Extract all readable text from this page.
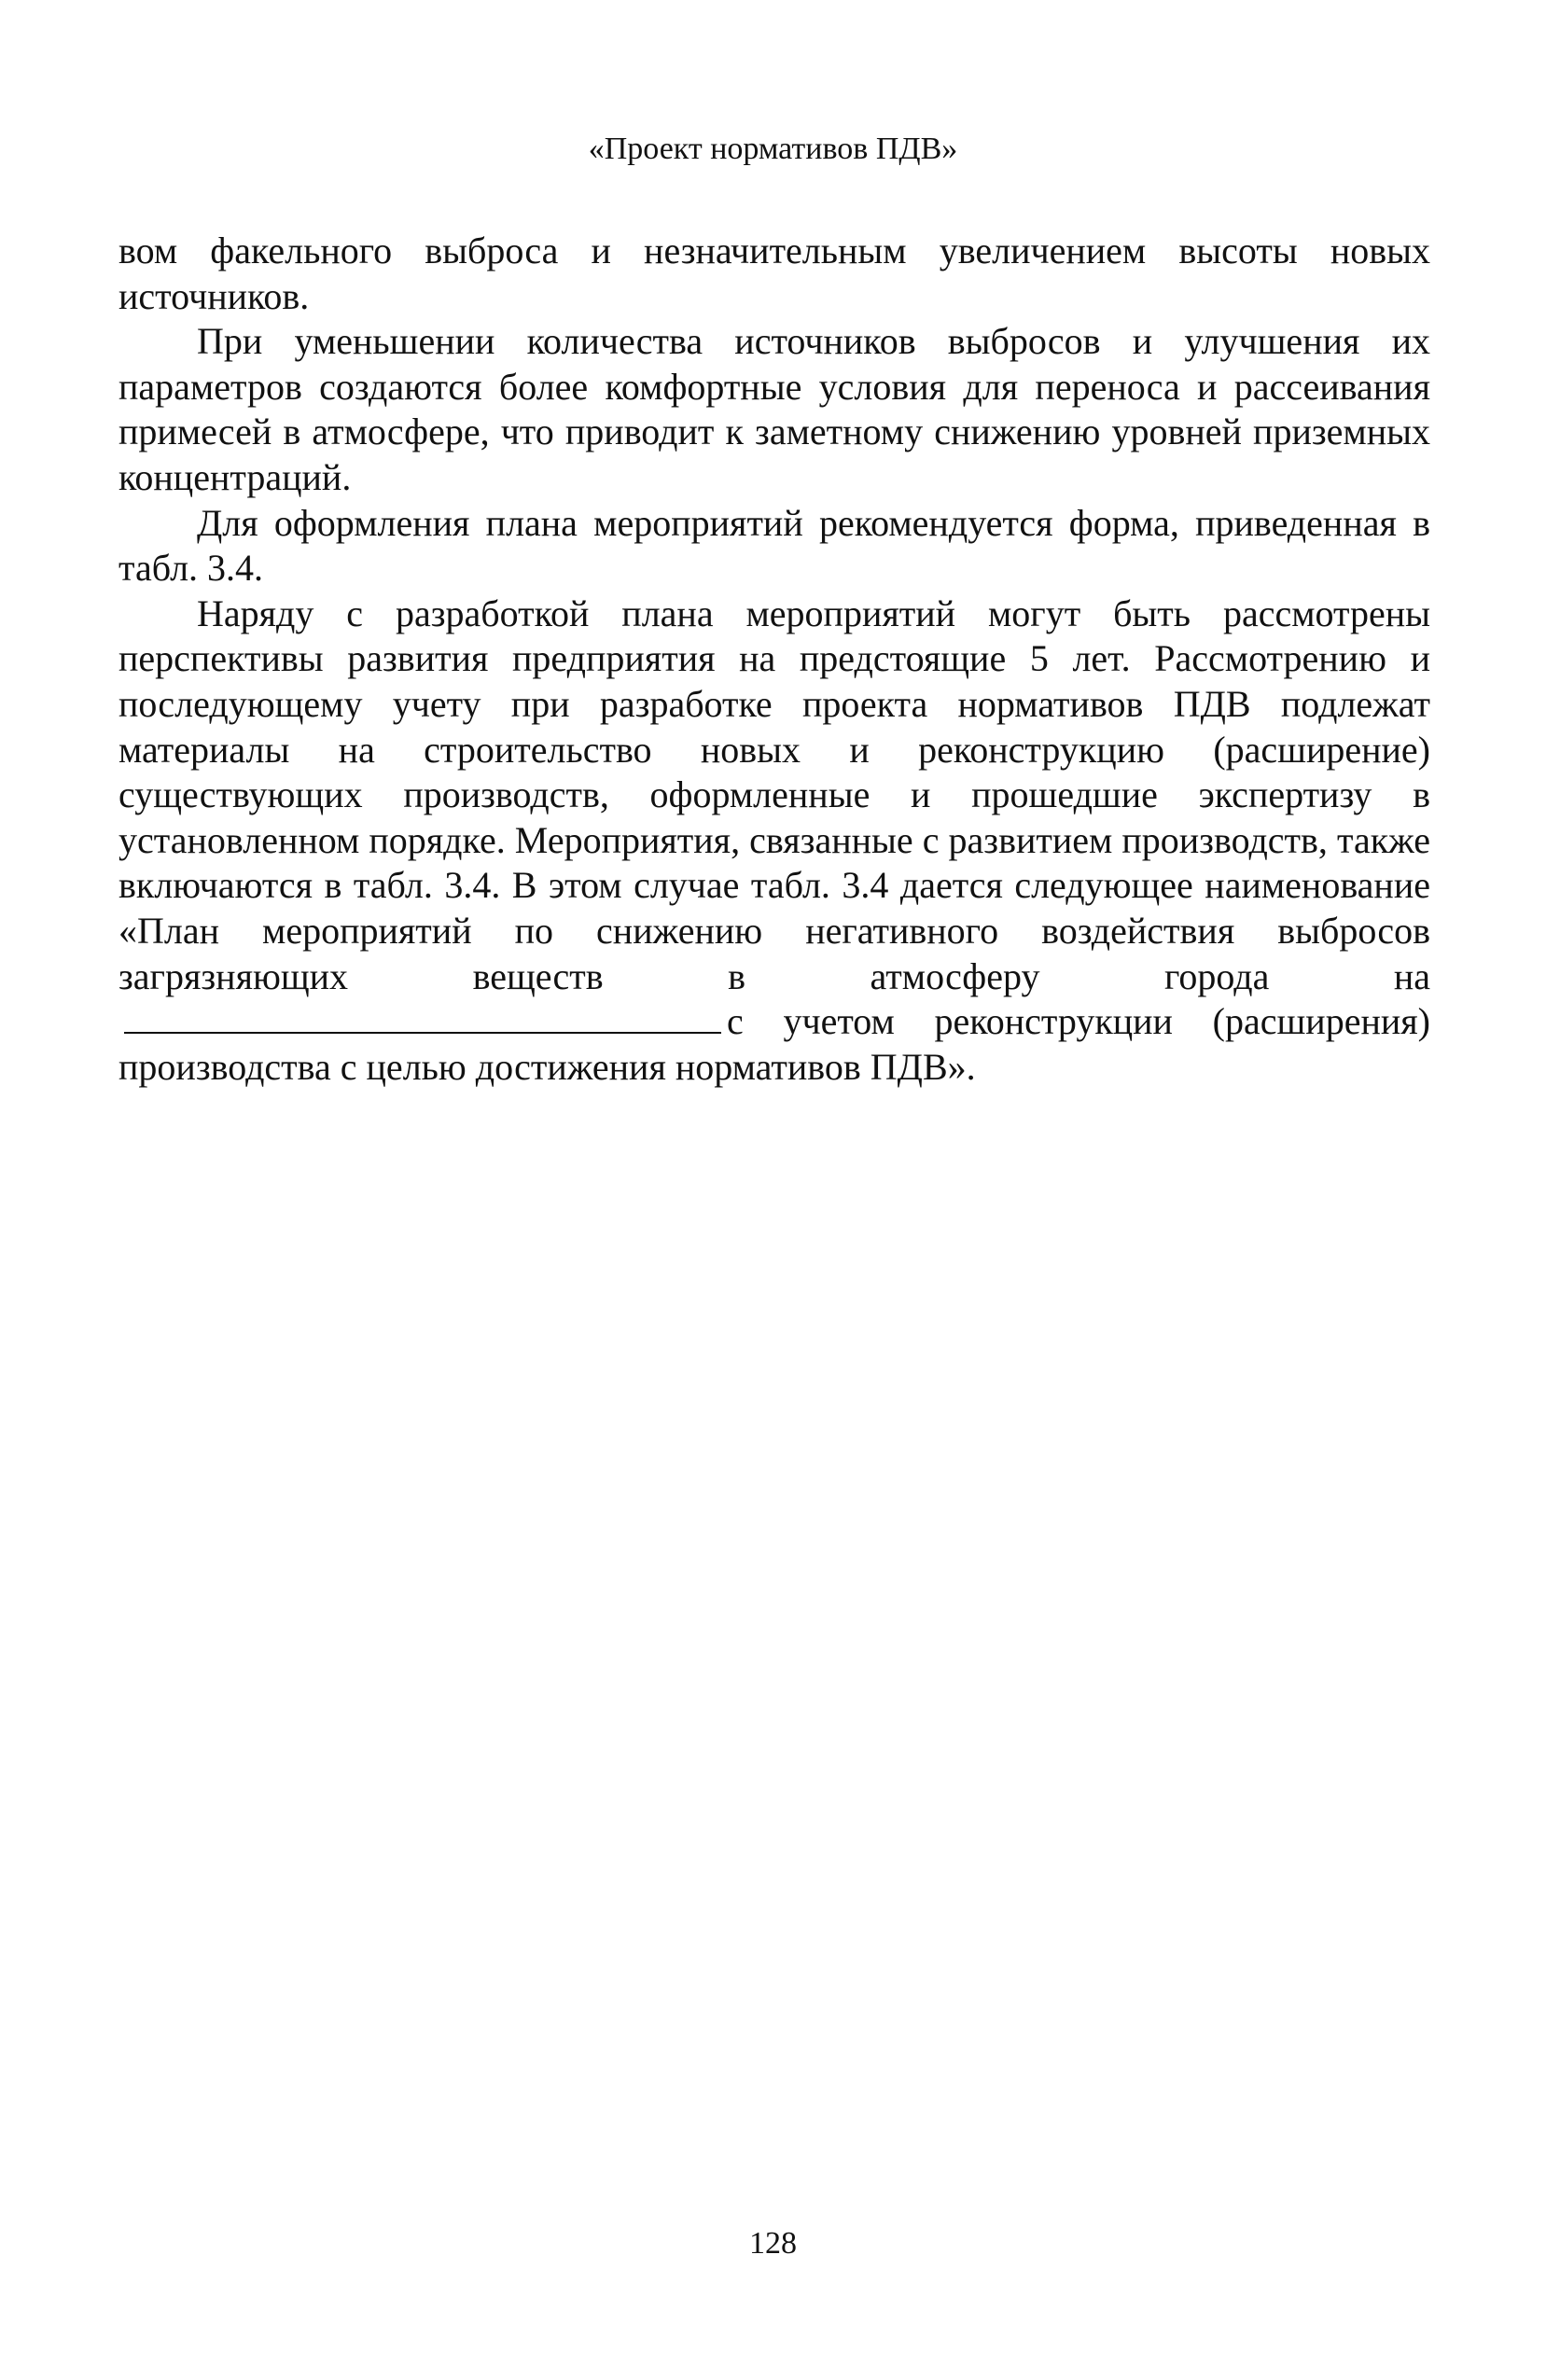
«Проект нормативов ПДВ»

вом факельного выброса и незначительным увеличением высоты новых источников.

При уменьшении количества источников выбросов и улучшения их параметров создаются более комфортные условия для переноса и рассеивания примесей в атмосфере, что приводит к заметному снижению уровней приземных концентраций.

Для оформления плана мероприятий рекомендуется форма, приведенная в табл. 3.4.

Наряду с разработкой плана мероприятий могут быть рассмотрены перспективы развития предприятия на предстоящие 5 лет. Рассмотрению и последующему учету при разработке проекта нормативов ПДВ подлежат материалы на строительство новых и реконструкцию (расширение) существующих производств, оформленные и прошедшие экспертизу в установленном порядке. Мероприятия, связанные с развитием производств, также включаются в табл. 3.4. В этом случае табл. 3.4 дается следующее наименование «План мероприятий по снижению негативного воздействия выбросов загрязняющих веществ в атмосферу города нас учетом реконструкции (расширения) производства с целью достижения нормативов ПДВ».

128
